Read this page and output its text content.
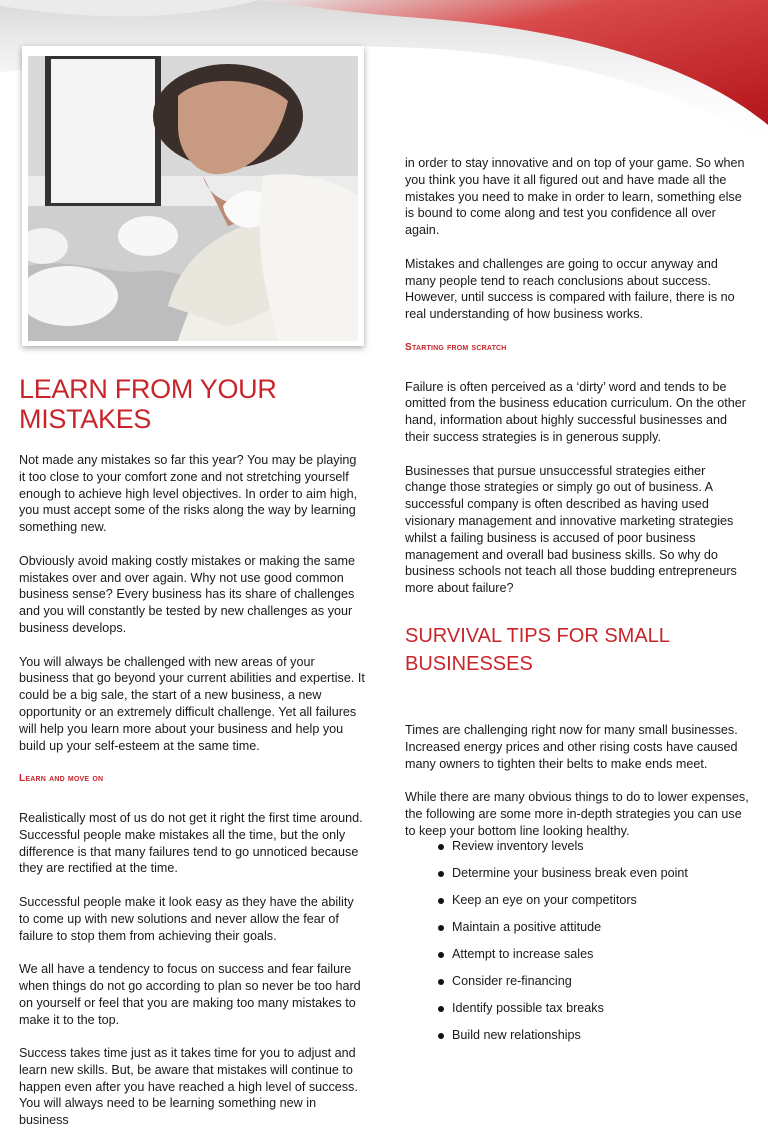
LEARN FROM YOUR MISTAKES

Not made any mistakes so far this year? You may be playing it too close to your comfort zone and not stretching yourself enough to achieve high level objectives. In order to aim high, you must accept some of the risks along the way by learning something new.

Obviously avoid making costly mistakes or making the same mistakes over and over again. Why not use good common business sense? Every business has its share of challenges and you will constantly be tested by new challenges as your business develops.

You will always be challenged with new areas of your business that go beyond your current abilities and expertise. It could be a big sale, the start of a new business, a new opportunity or an extremely difficult challenge. Yet all failures will help you learn more about your business and help you build up your self-esteem at the same time.

Learn and move on

Realistically most of us do not get it right the first time around. Successful people make mistakes all the time, but the only difference is that many failures tend to go unnoticed because they are rectified at the time.

Successful people make it look easy as they have the ability to come up with new solutions and never allow the fear of failure to stop them from achieving their goals.

We all have a tendency to focus on success and fear failure when things do not go according to plan so never be too hard on yourself or feel that you are making too many mistakes to make it to the top.

Success takes time just as it takes time for you to adjust and learn new skills. But, be aware that mistakes will continue to happen even after you have reached a high level of success. You will always need to be learning something new in business

in order to stay innovative and on top of your game. So when you think you have it all figured out and have made all the mistakes you need to make in order to learn, something else is bound to come along and test you confidence all over again.

Mistakes and challenges are going to occur anyway and many people tend to reach conclusions about success. However, until success is compared with failure, there is no real understanding of how business works.

Starting from scratch

Failure is often perceived as a ‘dirty’ word and tends to be omitted from the business education curriculum. On the other hand, information about highly successful businesses and their success strategies is in generous supply.

Businesses that pursue unsuccessful strategies either change those strategies or simply go out of business. A successful company is often described as having used visionary management and innovative marketing strategies whilst a failing business is accused of poor business management and overall bad business skills. So why do business schools not teach all those budding entrepreneurs more about failure?

SURVIVAL TIPS FOR SMALL BUSINESSES

Times are challenging right now for many small businesses. Increased energy prices and other rising costs have caused many owners to tighten their belts to make ends meet.

While there are many obvious things to do to lower expenses, the following are some more in-depth strategies you can use to keep your bottom line looking healthy.

Review inventory levels
Determine your business break even point
Keep an eye on your competitors
Maintain a positive attitude
Attempt to increase sales
Consider re-financing
Identify possible tax breaks
Build new relationships
